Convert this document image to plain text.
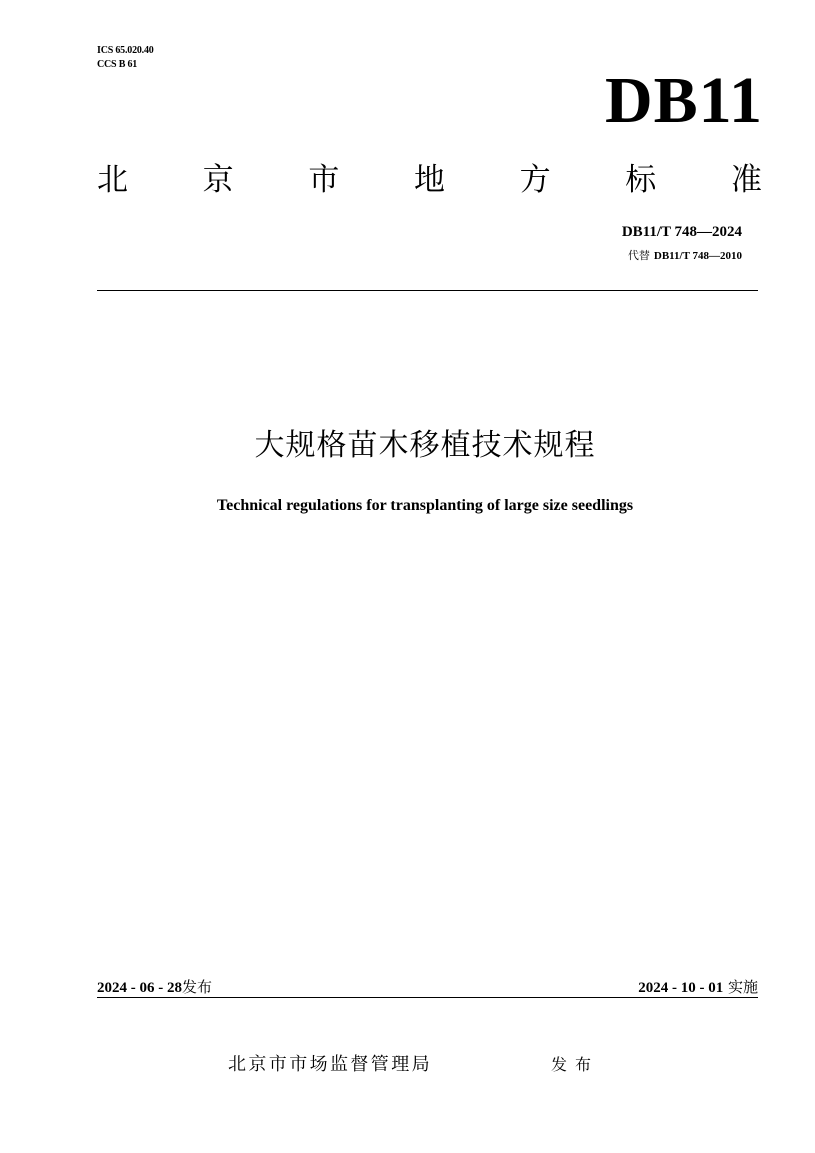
ICS 65.020.40
CCS B 61	DB11
北 京 市 地 方 标 准
DB11/T 748—2024
代替 DB11/T 748—2010
大规格苗木移植技术规程
Technical regulations for transplanting of large size seedlings
2024 - 06 - 28发布	2024 - 10 - 01 实施
北京市市场监督管理局	发布
